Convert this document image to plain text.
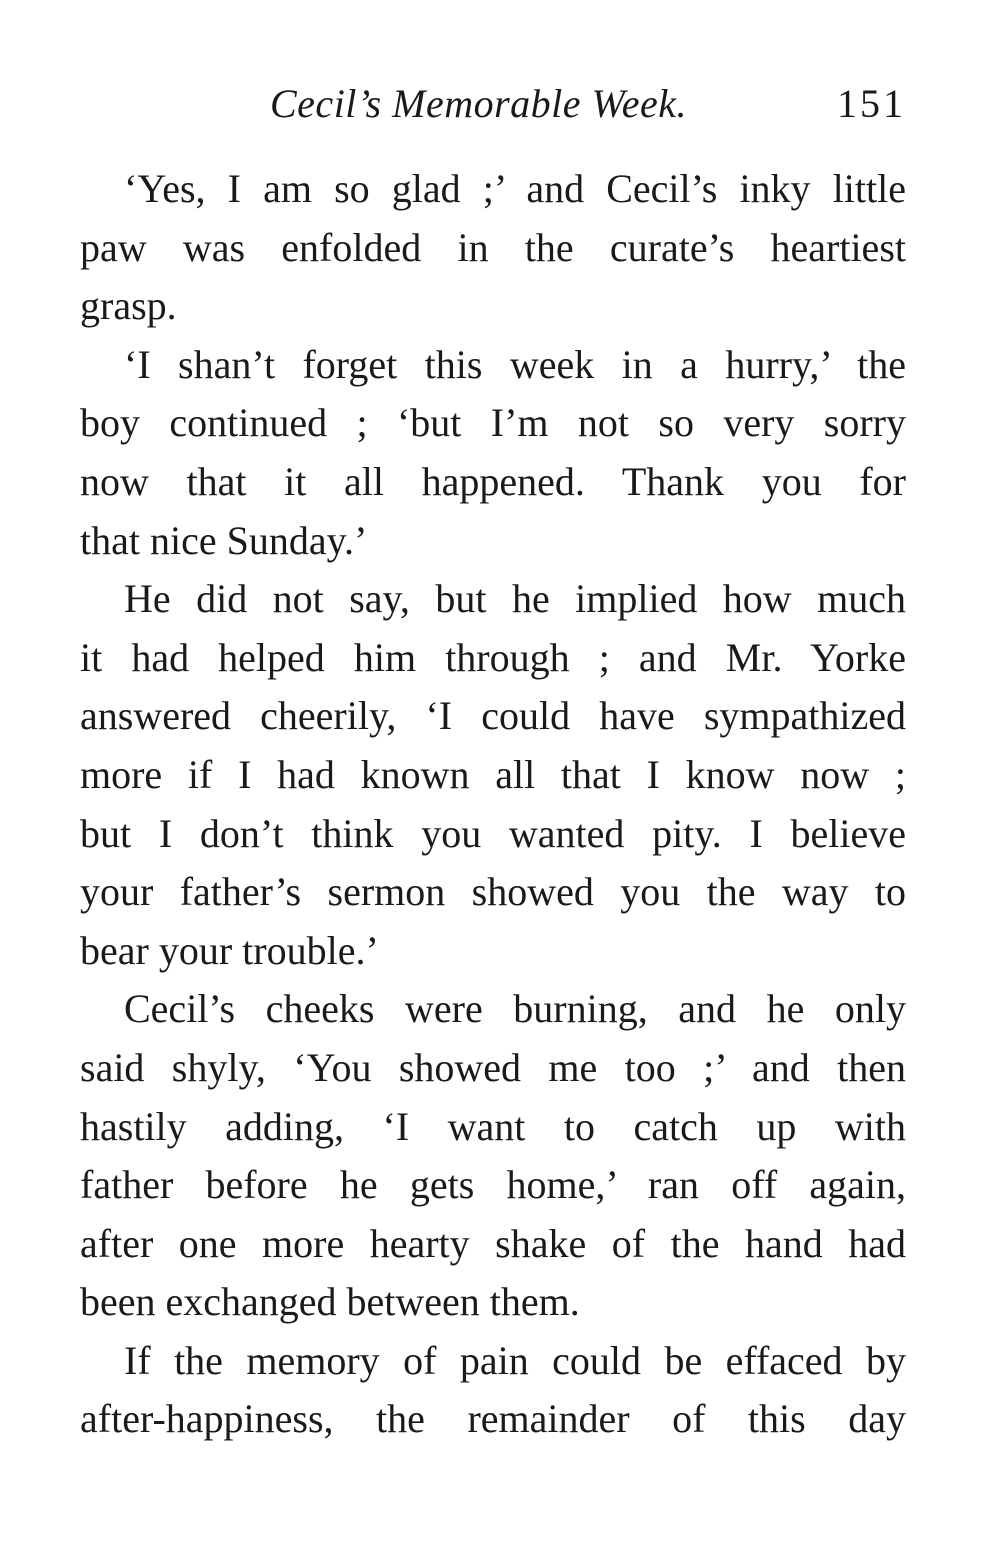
Cecil’s Memorable Week.	151
‘Yes, I am so glad ;’ and Cecil’s inky little
paw was enfolded in the curate’s heartiest
grasp.
‘I shan’t forget this week in a hurry,’ the
boy continued ; ‘but I’m not so very sorry
now that it all happened. Thank you for
that nice Sunday.’
He did not say, but he implied how much
it had helped him through ; and Mr. Yorke
answered cheerily, ‘I could have sympathized
more if I had known all that I know now ;
but I don’t think you wanted pity. I believe
your father’s sermon showed you the way to
bear your trouble.’
Cecil’s cheeks were burning, and he only
said shyly, ‘You showed me too ;’ and then
hastily adding, ‘I want to catch up with
father before he gets home,’ ran off again,
after one more hearty shake of the hand had
been exchanged between them.
If the memory of pain could be effaced by
after-happiness, the remainder of this day
